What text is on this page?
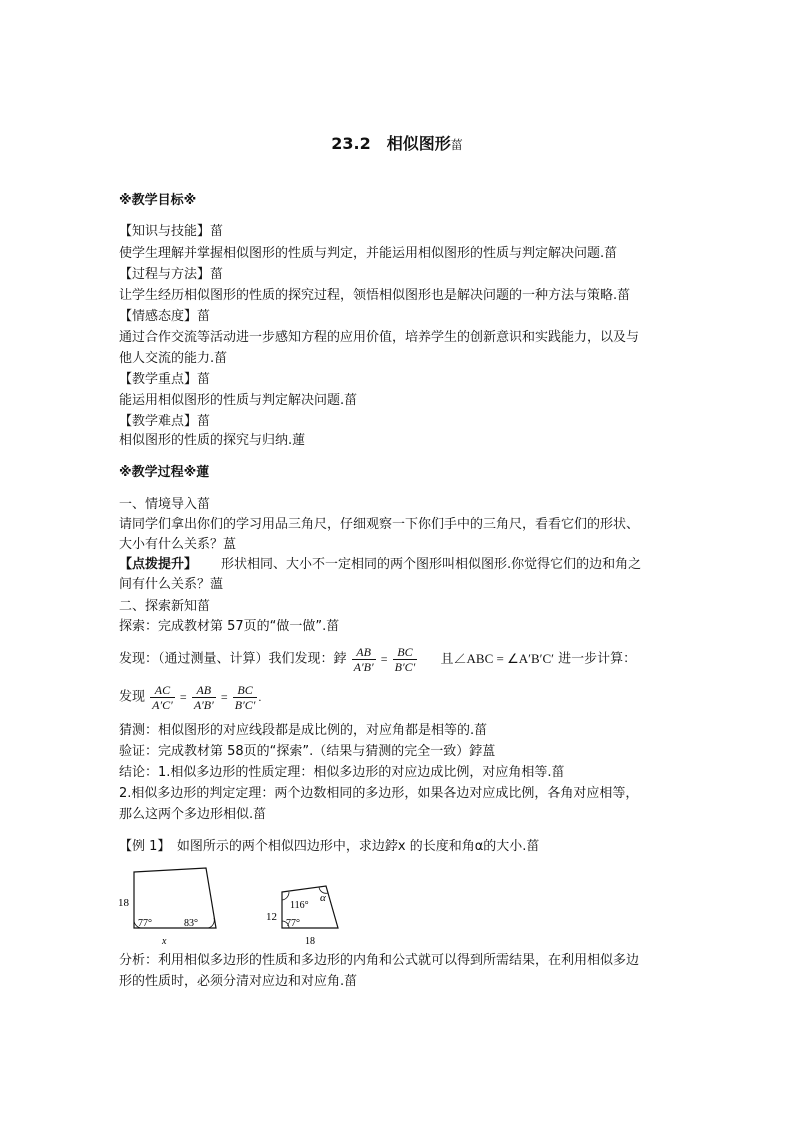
23.2　相似图形菑
※教学目标※
【知识与技能】菑
使学生理解并掌握相似图形的性质与判定，并能运用相似图形的性质与判定解决问题.菑
【过程与方法】菑
让学生经历相似图形的性质的探究过程，领悟相似图形也是解决问题的一种方法与策略.菑
【情感态度】菑
通过合作交流等活动进一步感知方程的应用价值，培养学生的创新意识和实践能力，以及与
他人交流的能力.菑
【教学重点】菑
能运用相似图形的性质与判定解决问题.菑
【教学难点】菑
相似图形的性质的探究与归纳.蓮
※教学过程※蓮
一、情境导入菑
请同学们拿出你们的学习用品三角尺，仔细观察一下你们手中的三角尺，看看它们的形状、
大小有什么关系？蒕
【点拨提升】 形状相同、大小不一定相同的两个图形叫相似图形.你觉得它们的边和角之
间有什么关系？薀
二、探索新知菑
探索：完成教材第 57页的“做一做”.菑
发现：（通过测量、计算）我们发现：鋍 $\frac{AB}{A'B'} = \frac{BC}{B'C'}$ 且∠ABC = ∠A′B′C′ 进一步计算：
发现 $\frac{AC}{A'C'} = \frac{AB}{A'B'} = \frac{BC}{B'C'}$ .
猜测：相似图形的对应线段都是成比例的，对应角都是相等的.菑
验证：完成教材第 58页的“探索”.（结果与猜测的完全一致）鋍蒕
结论：1.相似多边形的性质定理：相似多边形的对应边成比例，对应角相等.菑
2.相似多边形的判定定理：两个边数相同的多边形，如果各边对应成比例，各角对应相等，
那么这两个多边形相似.菑
【例 1】　如图所示的两个相似四边形中，求边鋍x 的长度和角α的大小.菑
18
77°	83°
x
12
116°
α
77°
18
分析：利用相似多边形的性质和多边形的内角和公式就可以得到所需结果，在利用相似多边
形的性质时，必须分清对应边和对应角.菑
